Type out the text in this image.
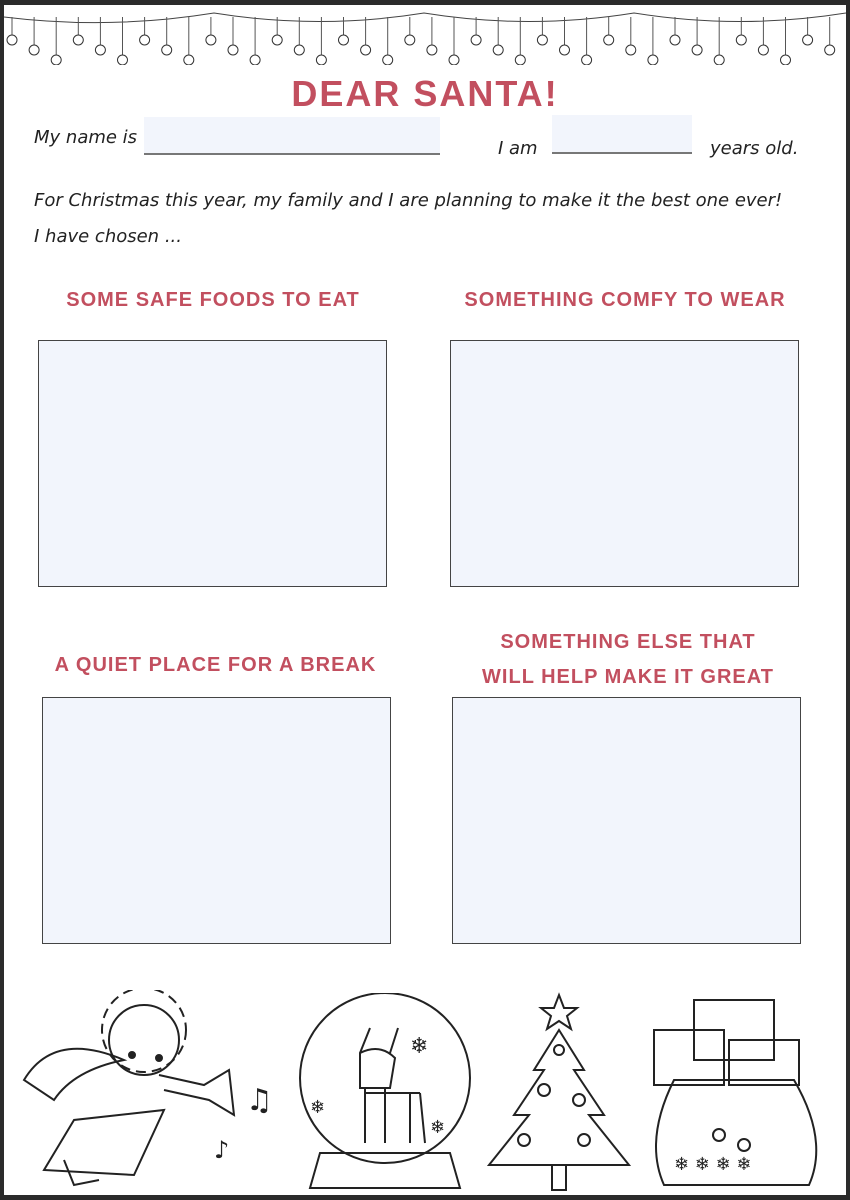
DEAR SANTA!
My name is
I am	years old.
For Christmas this year, my family and I are planning to make it the best one ever!
I have chosen ...
SOME SAFE FOODS TO EAT	SOMETHING COMFY TO WEAR
A QUIET PLACE FOR A BREAK
SOMETHING ELSE THAT
WILL HELP MAKE IT GREAT
♫
♪
❄
❄
❄
❄ ❄ ❄ ❄
